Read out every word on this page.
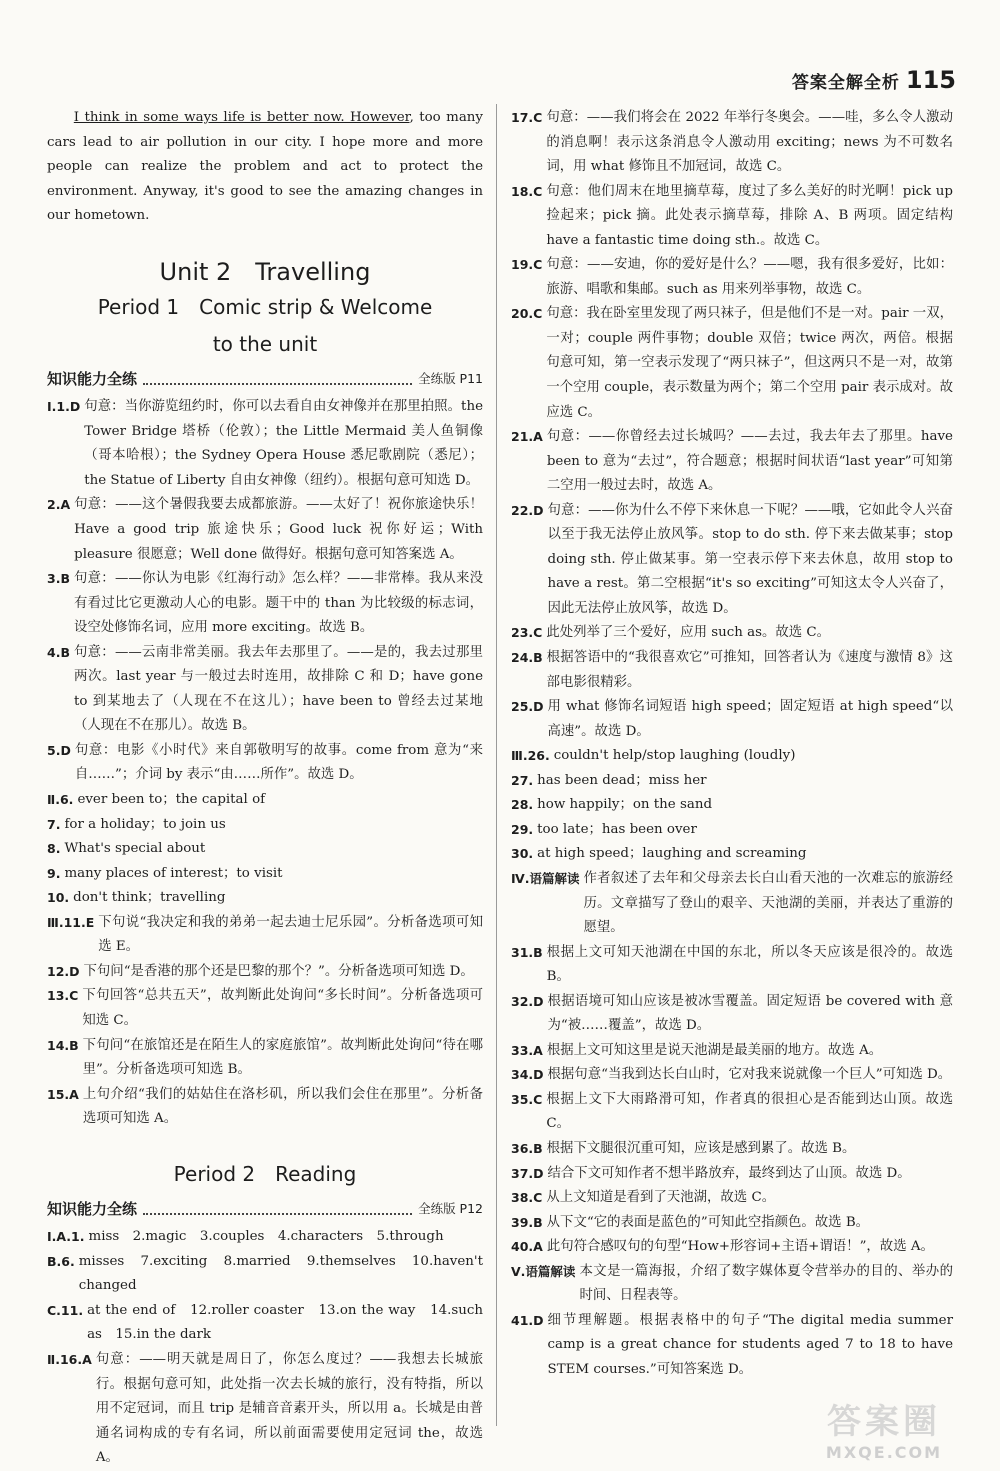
答案全解全析 115

I think in some ways life is better now. However, too many cars lead to air pollution in our city. I hope more and more people can realize the problem and act to protect the environment. Anyway, it's good to see the amazing changes in our hometown.

Unit 2　Travelling
Period 1　Comic strip & Welcome
to the unit
知识能力全练	全练版 P11
Ⅰ.1.D 句意：当你游览纽约时，你可以去看自由女神像并在那里拍照。the Tower Bridge 塔桥（伦敦）；the Little Mermaid 美人鱼铜像（哥本哈根）；the Sydney Opera House 悉尼歌剧院（悉尼）；the Statue of Liberty 自由女神像（纽约）。根据句意可知选 D。
2.A 句意：——这个暑假我要去成都旅游。——太好了！祝你旅途快乐！Have a good trip 旅途快乐；Good luck 祝你好运；With pleasure 很愿意；Well done 做得好。根据句意可知答案选 A。
3.B 句意：——你认为电影《红海行动》怎么样？——非常棒。我从来没有看过比它更激动人心的电影。题干中的 than 为比较级的标志词，设空处修饰名词，应用 more exciting。故选 B。
4.B 句意：——云南非常美丽。我去年去那里了。——是的，我去过那里两次。last year 与一般过去时连用，故排除 C 和 D；have gone to 到某地去了（人现在不在这儿）；have been to 曾经去过某地（人现在不在那儿）。故选 B。
5.D 句意：电影《小时代》来自郭敬明写的故事。come from 意为“来自……”；介词 by 表示“由……所作”。故选 D。
Ⅱ.6. ever been to；the capital of
7. for a holiday；to join us
8. What's special about
9. many places of interest；to visit
10. don't think；travelling
Ⅲ.11.E 下句说“我决定和我的弟弟一起去迪士尼乐园”。分析备选项可知选 E。
12.D 下句问“是香港的那个还是巴黎的那个？”。分析备选项可知选 D。
13.C 下句回答“总共五天”，故判断此处询问“多长时间”。分析备选项可知选 C。
14.B 下句问“在旅馆还是在陌生人的家庭旅馆”。故判断此处询问“待在哪里”。分析备选项可知选 B。
15.A 上句介绍“我们的姑姑住在洛杉矶，所以我们会住在那里”。分析备选项可知选 A。
Period 2　Reading
知识能力全练	全练版 P12
Ⅰ.A.1. miss　2.magic　3.couples　4.characters　5.through
B.6. misses　7.exciting　8.married　9.themselves　10.haven't changed
C.11. at the end of　12.roller coaster　13.on the way　14.such as　15.in the dark
Ⅱ.16.A 句意：——明天就是周日了，你怎么度过？——我想去长城旅行。根据句意可知，此处指一次去长城的旅行，没有特指，所以用不定冠词，而且 trip 是辅音音素开头，所以用 a。长城是由普通名词构成的专有名词，所以前面需要使用定冠词 the，故选 A。
17.C 句意：——我们将会在 2022 年举行冬奥会。——哇，多么令人激动的消息啊！表示这条消息令人激动用 exciting；news 为不可数名词，用 what 修饰且不加冠词，故选 C。
18.C 句意：他们周末在地里摘草莓，度过了多么美好的时光啊！pick up 捡起来；pick 摘。此处表示摘草莓，排除 A、B 两项。固定结构 have a fantastic time doing sth.。故选 C。
19.C 句意：——安迪，你的爱好是什么？——嗯，我有很多爱好，比如：旅游、唱歌和集邮。such as 用来列举事物，故选 C。
20.C 句意：我在卧室里发现了两只袜子，但是他们不是一对。pair 一双，一对；couple 两件事物；double 双倍；twice 两次，两倍。根据句意可知，第一空表示发现了“两只袜子”，但这两只不是一对，故第一个空用 couple，表示数量为两个；第二个空用 pair 表示成对。故应选 C。
21.A 句意：——你曾经去过长城吗？——去过，我去年去了那里。have been to 意为“去过”，符合题意；根据时间状语“last year”可知第二空用一般过去时，故选 A。
22.D 句意：——你为什么不停下来休息一下呢？——哦，它如此令人兴奋以至于我无法停止放风筝。stop to do sth. 停下来去做某事；stop doing sth. 停止做某事。第一空表示停下来去休息，故用 stop to have a rest。第二空根据“it's so exciting”可知这太令人兴奋了，因此无法停止放风筝，故选 D。
23.C 此处列举了三个爱好，应用 such as。故选 C。
24.B 根据答语中的“我很喜欢它”可推知，回答者认为《速度与激情 8》这部电影很精彩。
25.D 用 what 修饰名词短语 high speed；固定短语 at high speed“以高速”。故选 D。
Ⅲ.26. couldn't help/stop laughing (loudly)
27. has been dead；miss her
28. how happily；on the sand
29. too late；has been over
30. at high speed；laughing and screaming
Ⅳ.语篇解读 作者叙述了去年和父母亲去长白山看天池的一次难忘的旅游经历。文章描写了登山的艰辛、天池湖的美丽，并表达了重游的愿望。
31.B 根据上文可知天池湖在中国的东北，所以冬天应该是很冷的。故选 B。
32.D 根据语境可知山应该是被冰雪覆盖。固定短语 be covered with 意为“被……覆盖”，故选 D。
33.A 根据上文可知这里是说天池湖是最美丽的地方。故选 A。
34.D 根据句意“当我到达长白山时，它对我来说就像一个巨人”可知选 D。
35.C 根据上文下大雨路滑可知，作者真的很担心是否能到达山顶。故选 C。
36.B 根据下文腿很沉重可知，应该是感到累了。故选 B。
37.D 结合下文可知作者不想半路放弃，最终到达了山顶。故选 D。
38.C 从上文知道是看到了天池湖，故选 C。
39.B 从下文“它的表面是蓝色的”可知此空指颜色。故选 B。
40.A 此句符合感叹句的句型“How+形容词+主语+谓语！”，故选 A。
Ⅴ.语篇解读 本文是一篇海报，介绍了数字媒体夏令营举办的目的、举办的时间、日程表等。
41.D 细节理解题。根据表格中的句子“The digital media summer camp is a great chance for students aged 7 to 18 to have STEM courses.”可知答案选 D。
答案圈
MXQE.COM
